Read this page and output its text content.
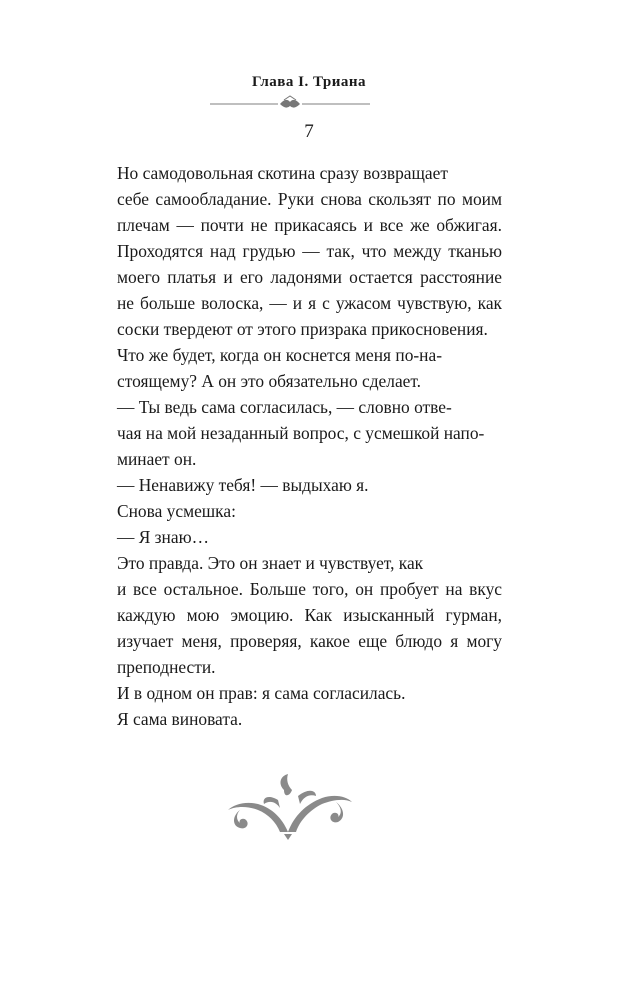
Глава I. Триана
7
Но самодовольная скотина сразу возвращает
себе самообладание. Руки снова скользят по моим
плечам — почти не прикасаясь и все же обжигая.
Проходятся над грудью — так, что между тканью
моего платья и его ладонями остается расстояние
не больше волоска, — и я с ужасом чувствую, как
соски твердеют от этого призрака прикосновения.
Что же будет, когда он коснется меня по-на-
стоящему? А он это обязательно сделает.
— Ты ведь сама согласилась, — словно отве-
чая на мой незаданный вопрос, с усмешкой напо-
минает он.
— Ненавижу тебя! — выдыхаю я.
Снова усмешка:
— Я знаю…
Это правда. Это он знает и чувствует, как
и все остальное. Больше того, он пробует на вкус
каждую мою эмоцию. Как изысканный гурман,
изучает меня, проверяя, какое еще блюдо я могу
преподнести.
И в одном он прав: я сама согласилась.
Я сама виновата.
